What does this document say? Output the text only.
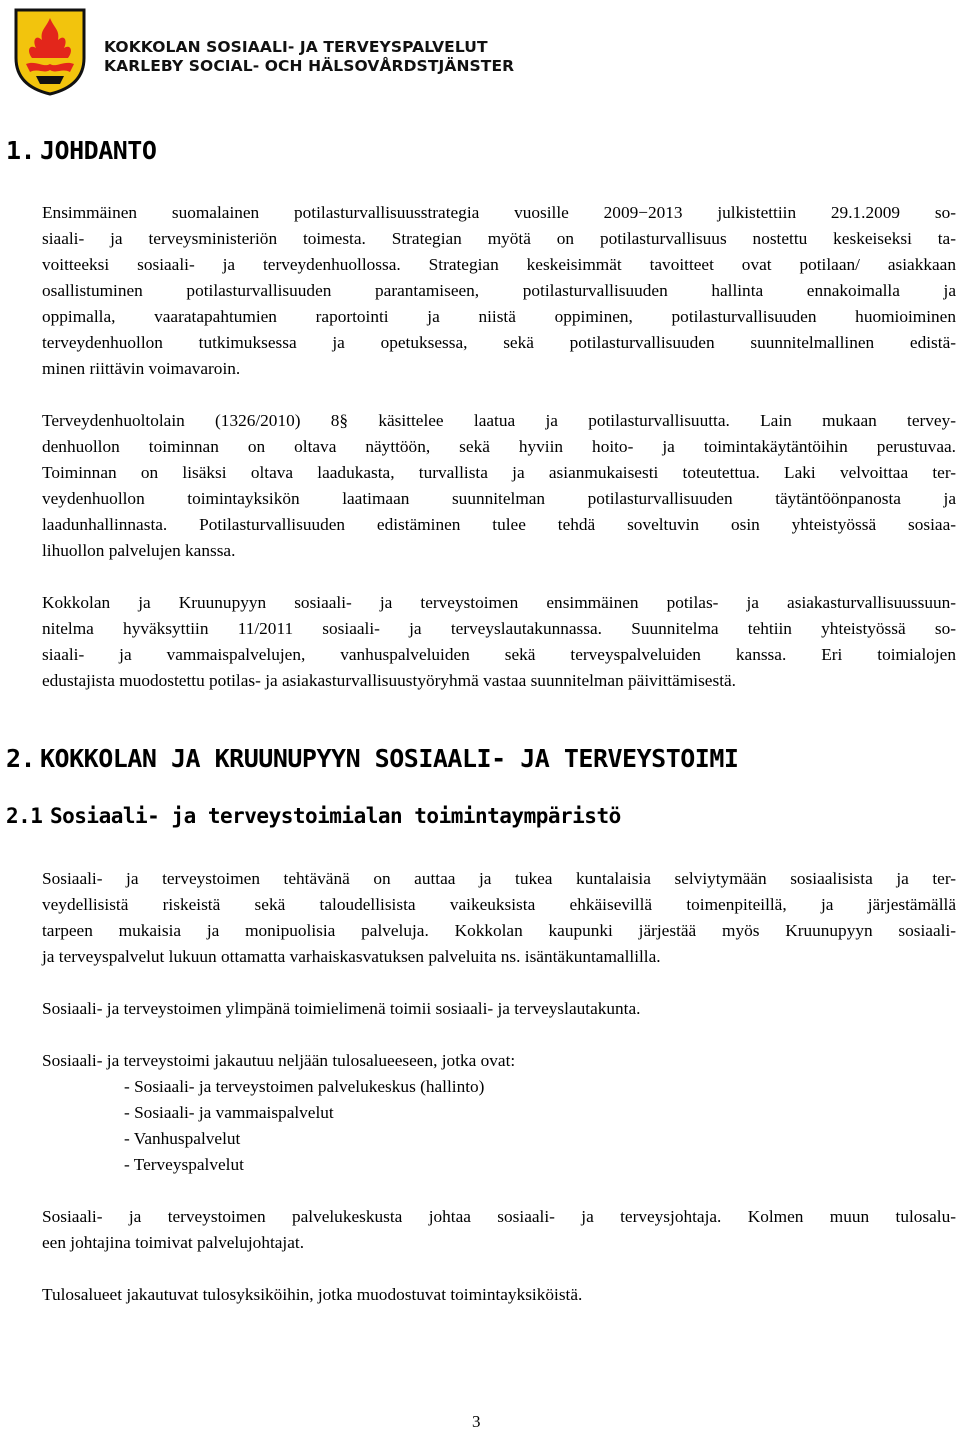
KOKKOLAN SOSIAALI- JA TERVEYSPALVELUT
KARLEBY SOCIAL- OCH HÄLSOVÅRDSTJÄNSTER
1. JOHDANTO
Ensimmäinen suomalainen potilasturvallisuusstrategia vuosille 2009−2013 julkistettiin 29.1.2009 so-
siaali- ja terveysministeriön toimesta. Strategian myötä on potilasturvallisuus nostettu keskeiseksi ta-
voitteeksi sosiaali- ja terveydenhuollossa. Strategian keskeisimmät tavoitteet ovat potilaan/ asiakkaan
osallistuminen potilasturvallisuuden parantamiseen, potilasturvallisuuden hallinta ennakoimalla ja
oppimalla, vaaratapahtumien raportointi ja niistä oppiminen, potilasturvallisuuden huomioiminen
terveydenhuollon tutkimuksessa ja opetuksessa, sekä potilasturvallisuuden suunnitelmallinen edistä-
minen riittävin voimavaroin.
Terveydenhuoltolain (1326/2010) 8§ käsittelee laatua ja potilasturvallisuutta. Lain mukaan tervey-
denhuollon toiminnan on oltava näyttöön, sekä hyviin hoito- ja toimintakäytäntöihin perustuvaa.
Toiminnan on lisäksi oltava laadukasta, turvallista ja asianmukaisesti toteutettua. Laki velvoittaa ter-
veydenhuollon toimintayksikön laatimaan suunnitelman potilasturvallisuuden täytäntöönpanosta ja
laadunhallinnasta. Potilasturvallisuuden edistäminen tulee tehdä soveltuvin osin yhteistyössä sosiaa-
lihuollon palvelujen kanssa.
Kokkolan ja Kruunupyyn sosiaali- ja terveystoimen ensimmäinen potilas- ja asiakasturvallisuussuun-
nitelma hyväksyttiin 11/2011 sosiaali- ja terveyslautakunnassa. Suunnitelma tehtiin yhteistyössä so-
siaali- ja vammaispalvelujen, vanhuspalveluiden sekä terveyspalveluiden kanssa. Eri toimialojen
edustajista muodostettu potilas- ja asiakasturvallisuustyöryhmä vastaa suunnitelman päivittämisestä.
2. KOKKOLAN JA KRUUNUPYYN SOSIAALI- JA TERVEYSTOIMI
2.1 Sosiaali- ja terveystoimialan toimintaympäristö
Sosiaali- ja terveystoimen tehtävänä on auttaa ja tukea kuntalaisia selviytymään sosiaalisista ja ter-
veydellisistä riskeistä sekä taloudellisista vaikeuksista ehkäisevillä toimenpiteillä, ja järjestämällä
tarpeen mukaisia ja monipuolisia palveluja. Kokkolan kaupunki järjestää myös Kruunupyyn sosiaali-
ja terveyspalvelut lukuun ottamatta varhaiskasvatuksen palveluita ns. isäntäkuntamallilla.
Sosiaali- ja terveystoimen ylimpänä toimielimenä toimii sosiaali- ja terveyslautakunta.
Sosiaali- ja terveystoimi jakautuu neljään tulosalueeseen, jotka ovat:
- Sosiaali- ja terveystoimen palvelukeskus (hallinto)
- Sosiaali- ja vammaispalvelut
- Vanhuspalvelut
- Terveyspalvelut
Sosiaali- ja terveystoimen palvelukeskusta johtaa sosiaali- ja terveysjohtaja. Kolmen muun tulosalu-
een johtajina toimivat palvelujohtajat.
Tulosalueet jakautuvat tulosyksiköihin, jotka muodostuvat toimintayksiköistä.
3
